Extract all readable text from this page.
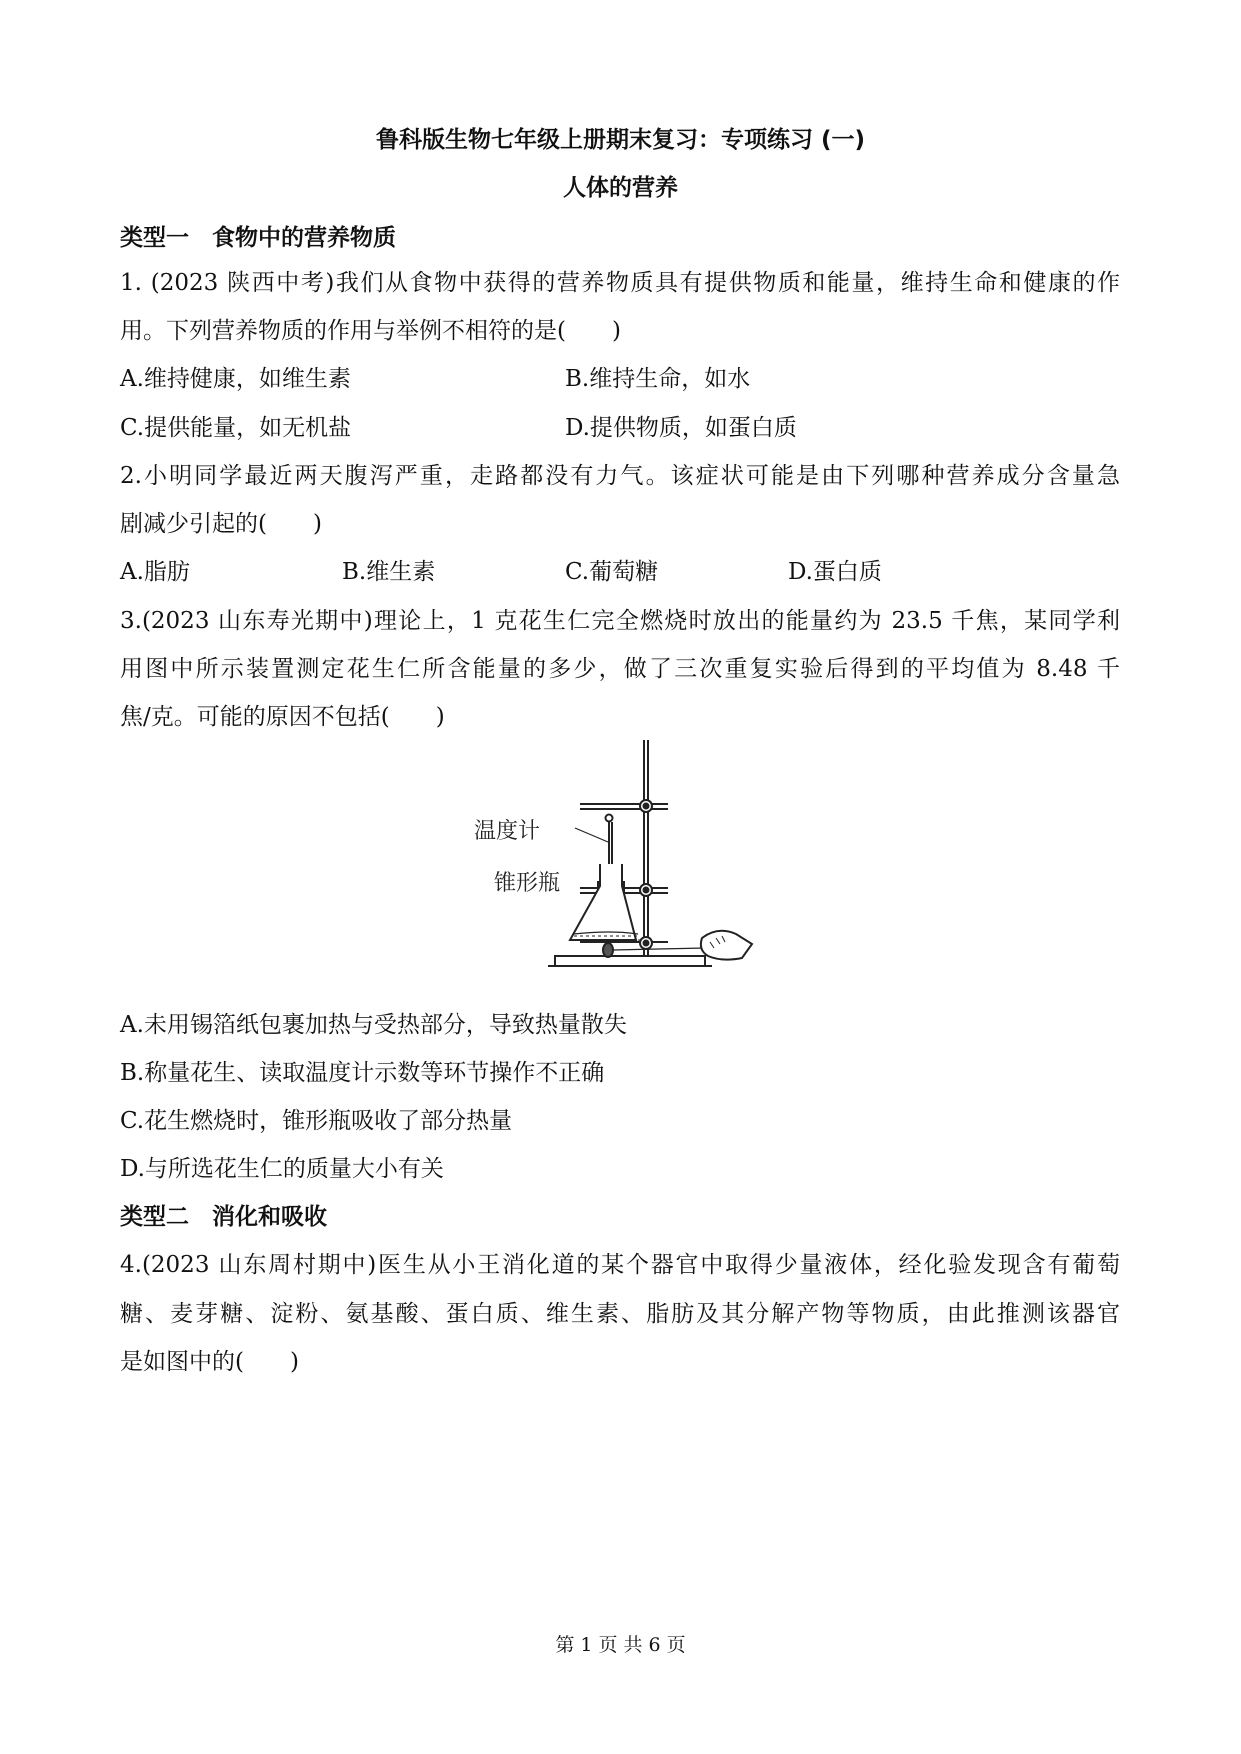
鲁科版生物七年级上册期末复习：专项练习 (一)
人体的营养
类型一　食物中的营养物质
1. (2023 陕西中考)我们从食物中获得的营养物质具有提供物质和能量，维持生命和健康的作
用。下列营养物质的作用与举例不相符的是(　　)
A.维持健康，如维生素	B.维持生命，如水
C.提供能量，如无机盐	D.提供物质，如蛋白质
2.小明同学最近两天腹泻严重，走路都没有力气。该症状可能是由下列哪种营养成分含量急
剧减少引起的(　　)
A.脂肪	B.维生素	C.葡萄糖	D.蛋白质
3.(2023 山东寿光期中)理论上，1 克花生仁完全燃烧时放出的能量约为 23.5 千焦，某同学利
用图中所示装置测定花生仁所含能量的多少，做了三次重复实验后得到的平均值为 8.48 千
焦/克。可能的原因不包括(　　)
温度计
锥形瓶
A.未用锡箔纸包裹加热与受热部分，导致热量散失
B.称量花生、读取温度计示数等环节操作不正确
C.花生燃烧时，锥形瓶吸收了部分热量
D.与所选花生仁的质量大小有关
类型二　消化和吸收
4.(2023 山东周村期中)医生从小王消化道的某个器官中取得少量液体，经化验发现含有葡萄
糖、麦芽糖、淀粉、氨基酸、蛋白质、维生素、脂肪及其分解产物等物质，由此推测该器官
是如图中的(　　)
第 1 页 共 6 页
